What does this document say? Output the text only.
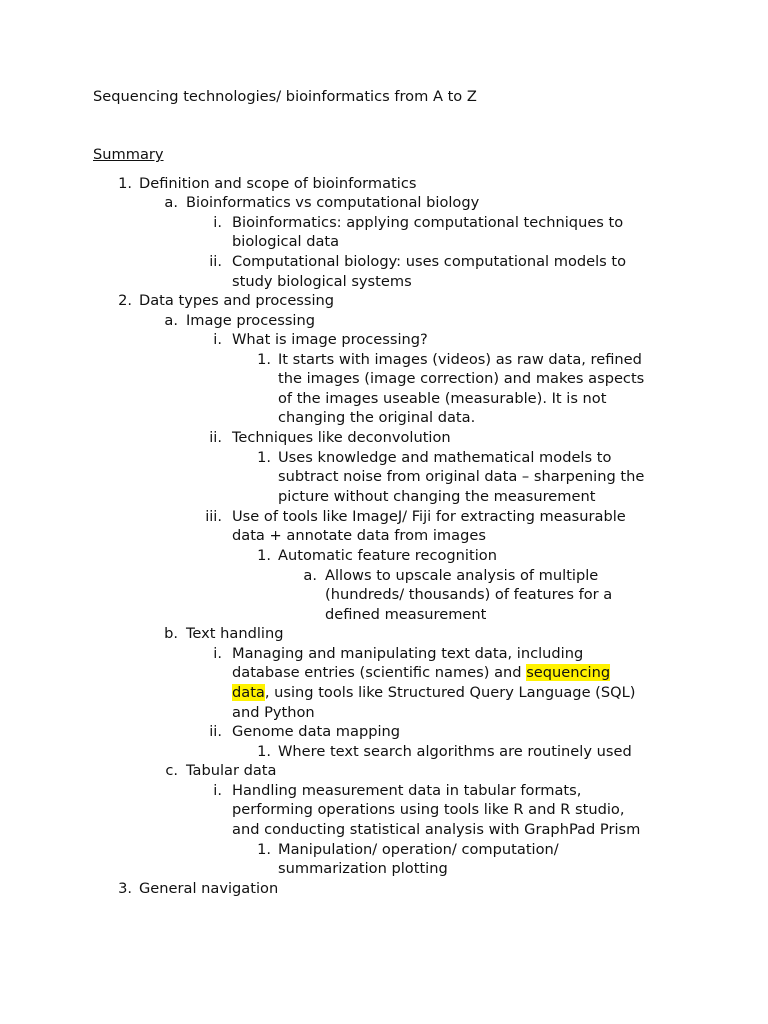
Sequencing technologies/ bioinformatics from A to Z
Summary
1. Definition and scope of bioinformatics
a. Bioinformatics vs computational biology
i. Bioinformatics: applying computational techniques to
biological data
ii. Computational biology: uses computational models to
study biological systems
2. Data types and processing
a. Image processing
i. What is image processing?
1. It starts with images (videos) as raw data, refined
the images (image correction) and makes aspects
of the images useable (measurable). It is not
changing the original data.
ii. Techniques like deconvolution
1. Uses knowledge and mathematical models to
subtract noise from original data – sharpening the
picture without changing the measurement
iii. Use of tools like ImageJ/ Fiji for extracting measurable
data + annotate data from images
1. Automatic feature recognition
a. Allows to upscale analysis of multiple
(hundreds/ thousands) of features for a
defined measurement
b. Text handling
i. Managing and manipulating text data, including
database entries (scientific names) and sequencing
data, using tools like Structured Query Language (SQL)
and Python
ii. Genome data mapping
1. Where text search algorithms are routinely used
c. Tabular data
i. Handling measurement data in tabular formats,
performing operations using tools like R and R studio,
and conducting statistical analysis with GraphPad Prism
1. Manipulation/ operation/ computation/
summarization plotting
3. General navigation
